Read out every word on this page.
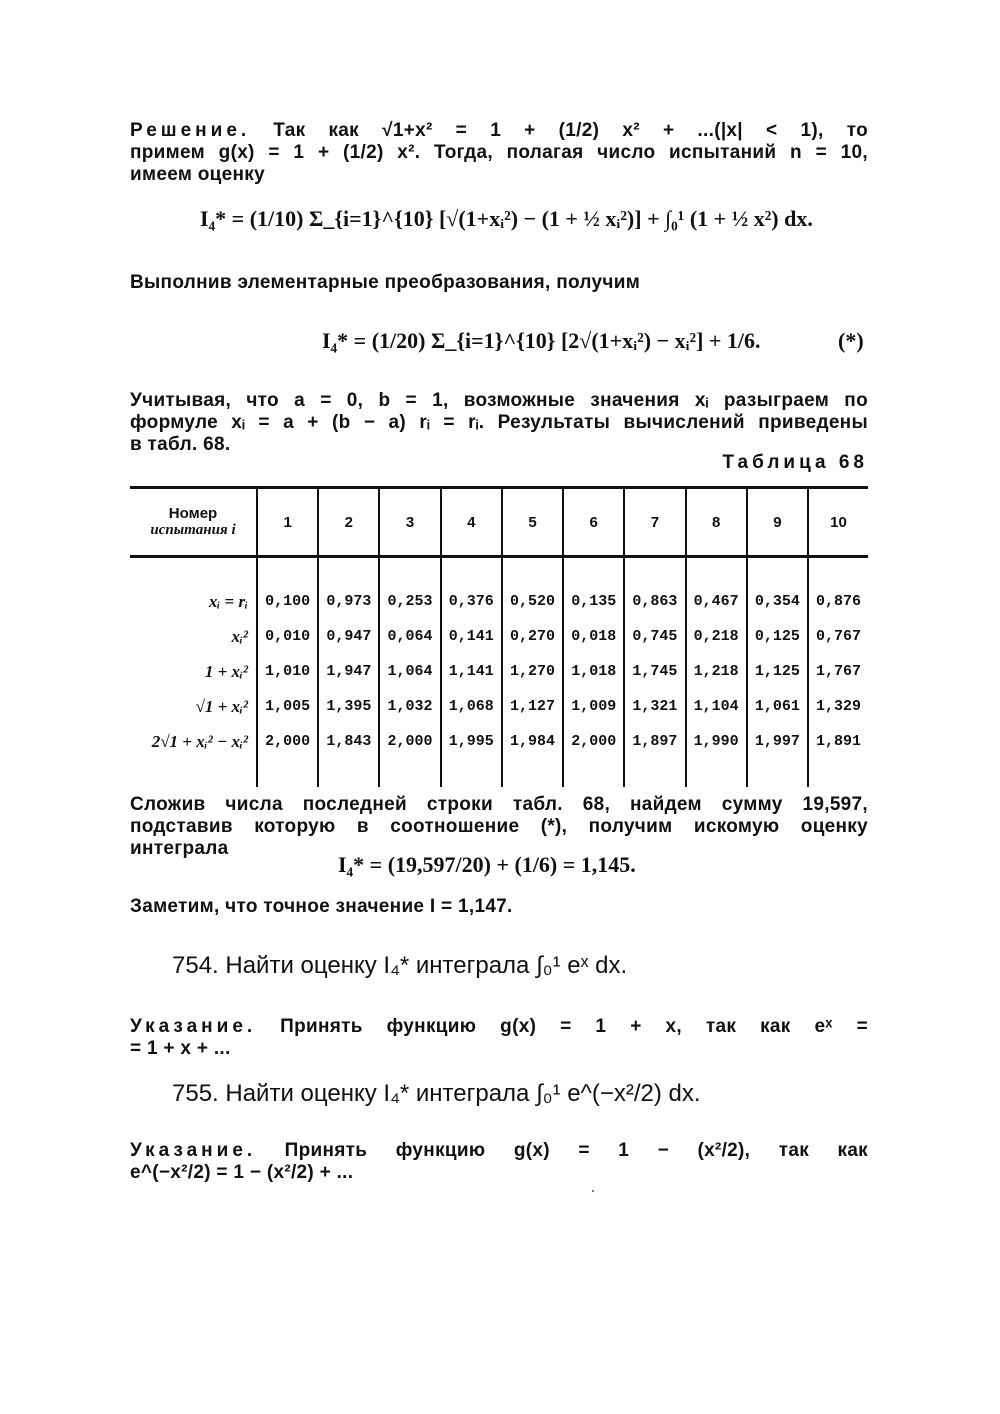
Решение. Так как √1+x² = 1 + (1/2) x² + ...(|x| < 1), то
примем g(x) = 1 + (1/2) x². Тогда, полагая число испытаний n = 10,
имеем оценку
I₄* = (1/10) Σ_{i=1}^{10} [√(1+xᵢ²) − (1 + ½ xᵢ²)] + ∫₀¹ (1 + ½ x²) dx.
Выполнив элементарные преобразования, получим
I₄* = (1/20) Σ_{i=1}^{10} [2√(1+xᵢ²) − xᵢ²] + 1/6.	(*)
Учитывая, что a = 0, b = 1, возможные значения xᵢ разыграем по
формуле xᵢ = a + (b − a) rᵢ = rᵢ. Результаты вычислений приведены
в табл. 68.
Таблица 68
Номер
испытания i	1	2	3	4	5	6	7	8	9	10

xᵢ = rᵢ	0,100	0,973	0,253	0,376	0,520	0,135	0,863	0,467	0,354	0,876
xᵢ²	0,010	0,947	0,064	0,141	0,270	0,018	0,745	0,218	0,125	0,767
1 + xᵢ²	1,010	1,947	1,064	1,141	1,270	1,018	1,745	1,218	1,125	1,767
√1 + xᵢ²	1,005	1,395	1,032	1,068	1,127	1,009	1,321	1,104	1,061	1,329
2√1 + xᵢ² − xᵢ²	2,000	1,843	2,000	1,995	1,984	2,000	1,897	1,990	1,997	1,891

Сложив числа последней строки табл. 68, найдем сумму 19,597,
подставив которую в соотношение (*), получим искомую оценку
интеграла
I₄* = (19,597/20) + (1/6) = 1,145.
Заметим, что точное значение I = 1,147.
754. Найти оценку I₄* интеграла ∫₀¹ eˣ dx.
Указание. Принять функцию g(x) = 1 + x, так как eˣ =
= 1 + x + ...
755. Найти оценку I₄* интеграла ∫₀¹ e^(−x²/2) dx.
Указание. Принять функцию g(x) = 1 − (x²/2), так как
e^(−x²/2) = 1 − (x²/2) + ...
